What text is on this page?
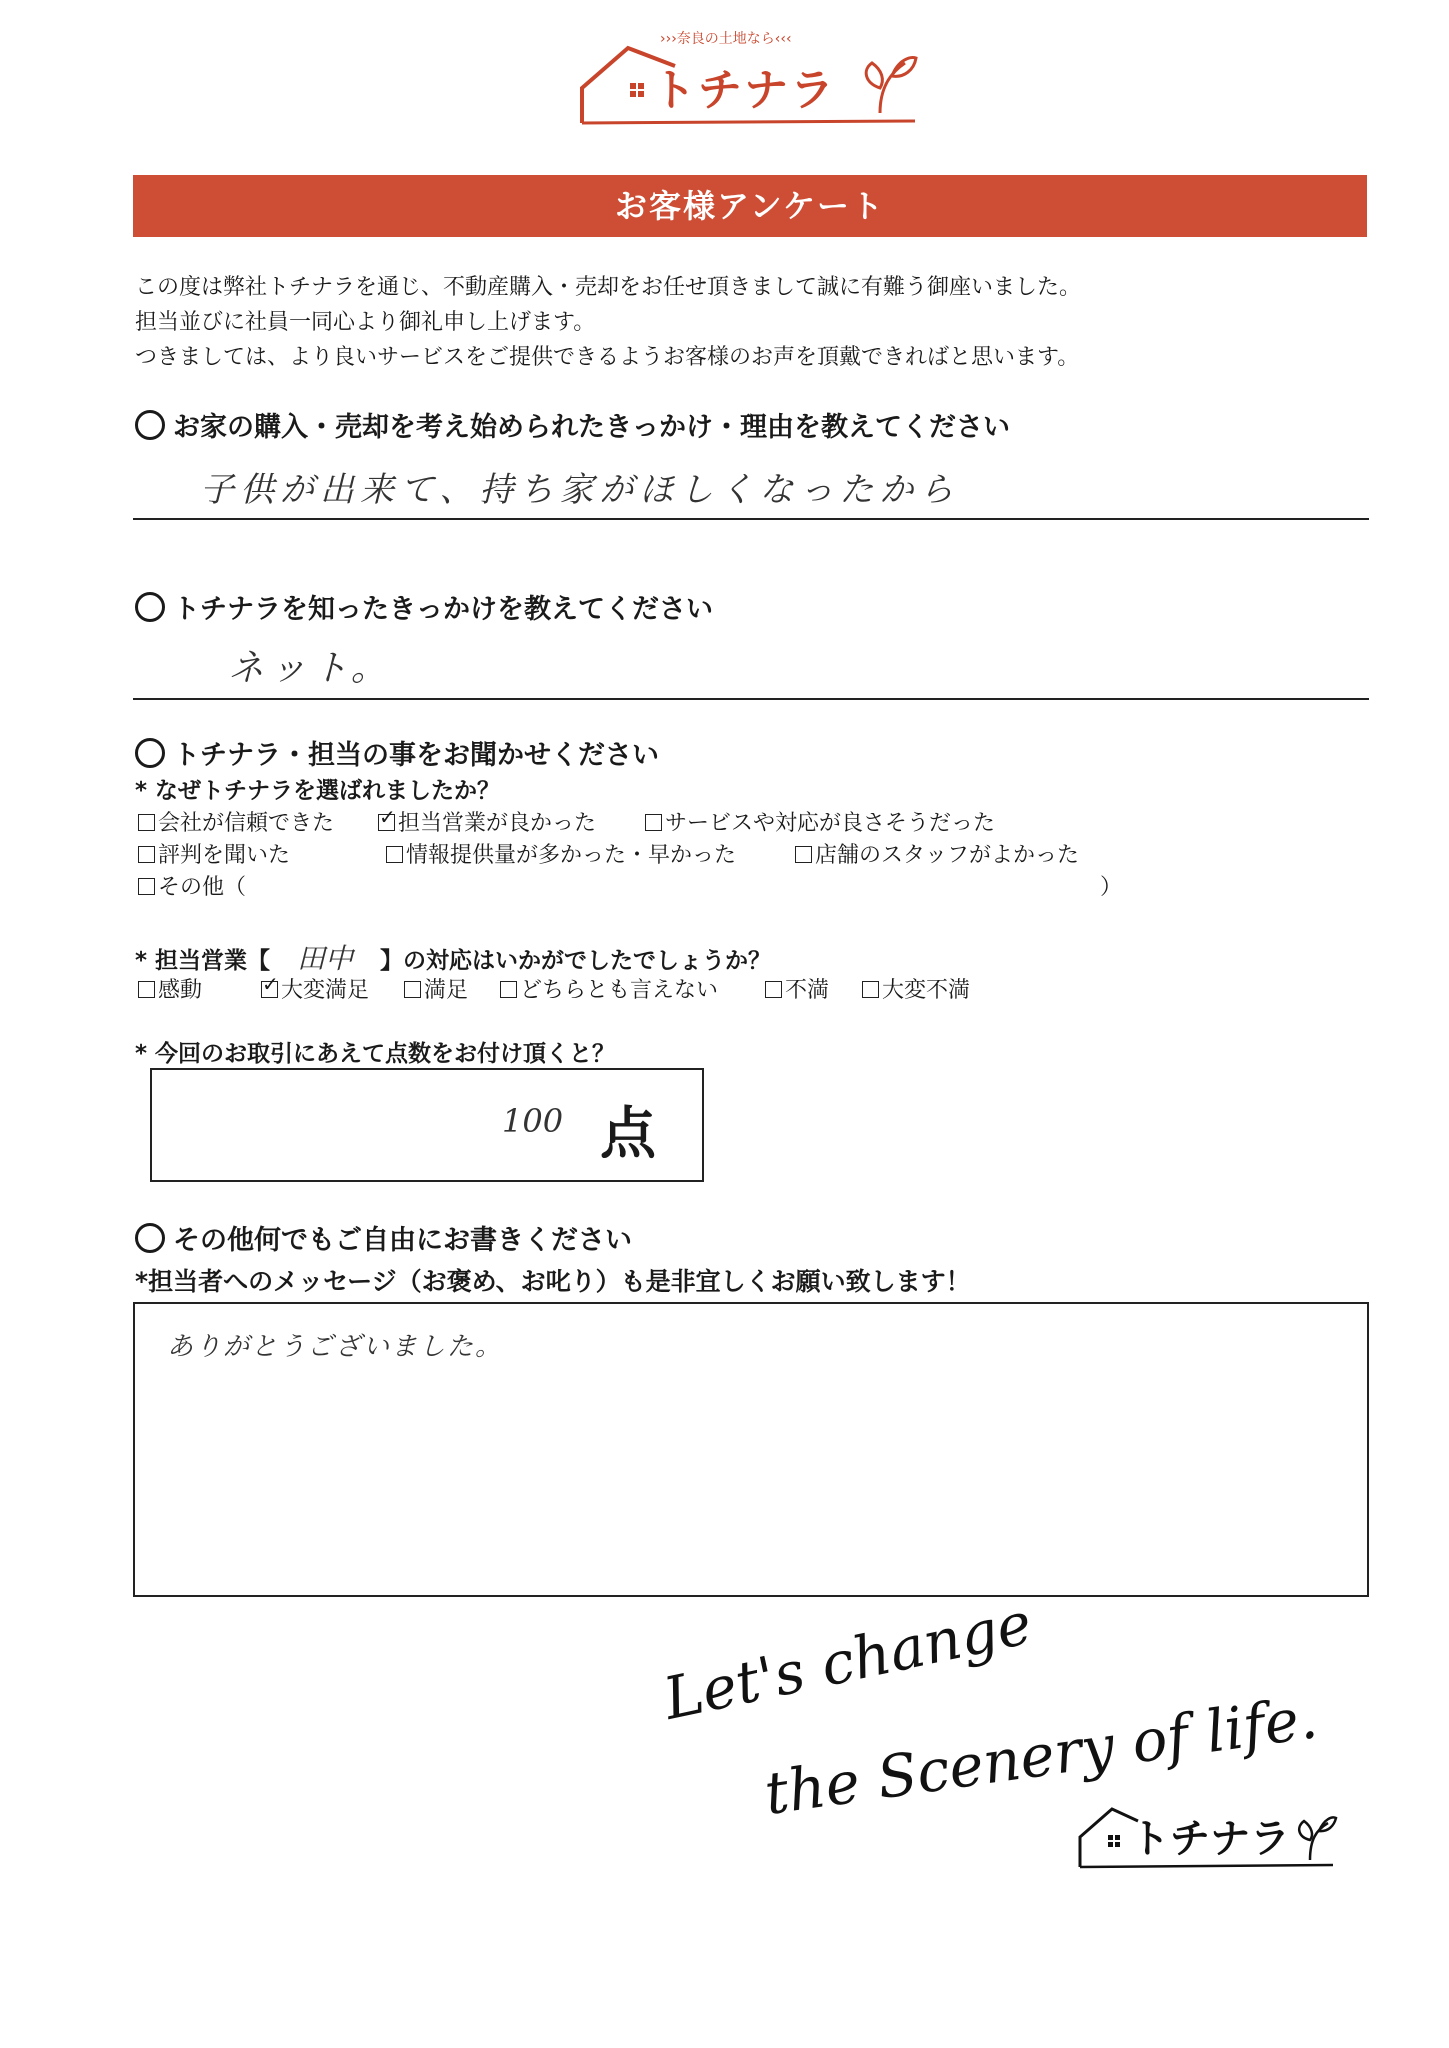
›››奈良の土地なら‹‹‹
トチナラ
お客様アンケート
この度は弊社トチナラを通じ、不動産購入・売却をお任せ頂きまして誠に有難う御座いました。
担当並びに社員一同心より御礼申し上げます。
つきましては、より良いサービスをご提供できるようお客様のお声を頂戴できればと思います。
お家の購入・売却を考え始められたきっかけ・理由を教えてください
子供が出来て、持ち家がほしくなったから
トチナラを知ったきっかけを教えてください
ネット。
トチナラ・担当の事をお聞かせください
* なぜトチナラを選ばれましたか？
会社が信頼できた ✓ 担当営業が良かった	サービスや対応が良さそうだった
評判を聞いた	情報提供量が多かった・早かった	店舗のスタッフがよかった
その他（	）
* 担当営業【 田中 】の対応はいかがでしたでしょうか？
感動	✓ 大変満足	満足	どちらとも言えない	不満	大変不満
* 今回のお取引にあえて点数をお付け頂くと？
100 点
その他何でもご自由にお書きください
*担当者へのメッセージ（お褒め、お叱り）も是非宜しくお願い致します！
ありがとうございました。
Let's change
the Scenery of life.
トチナラ
